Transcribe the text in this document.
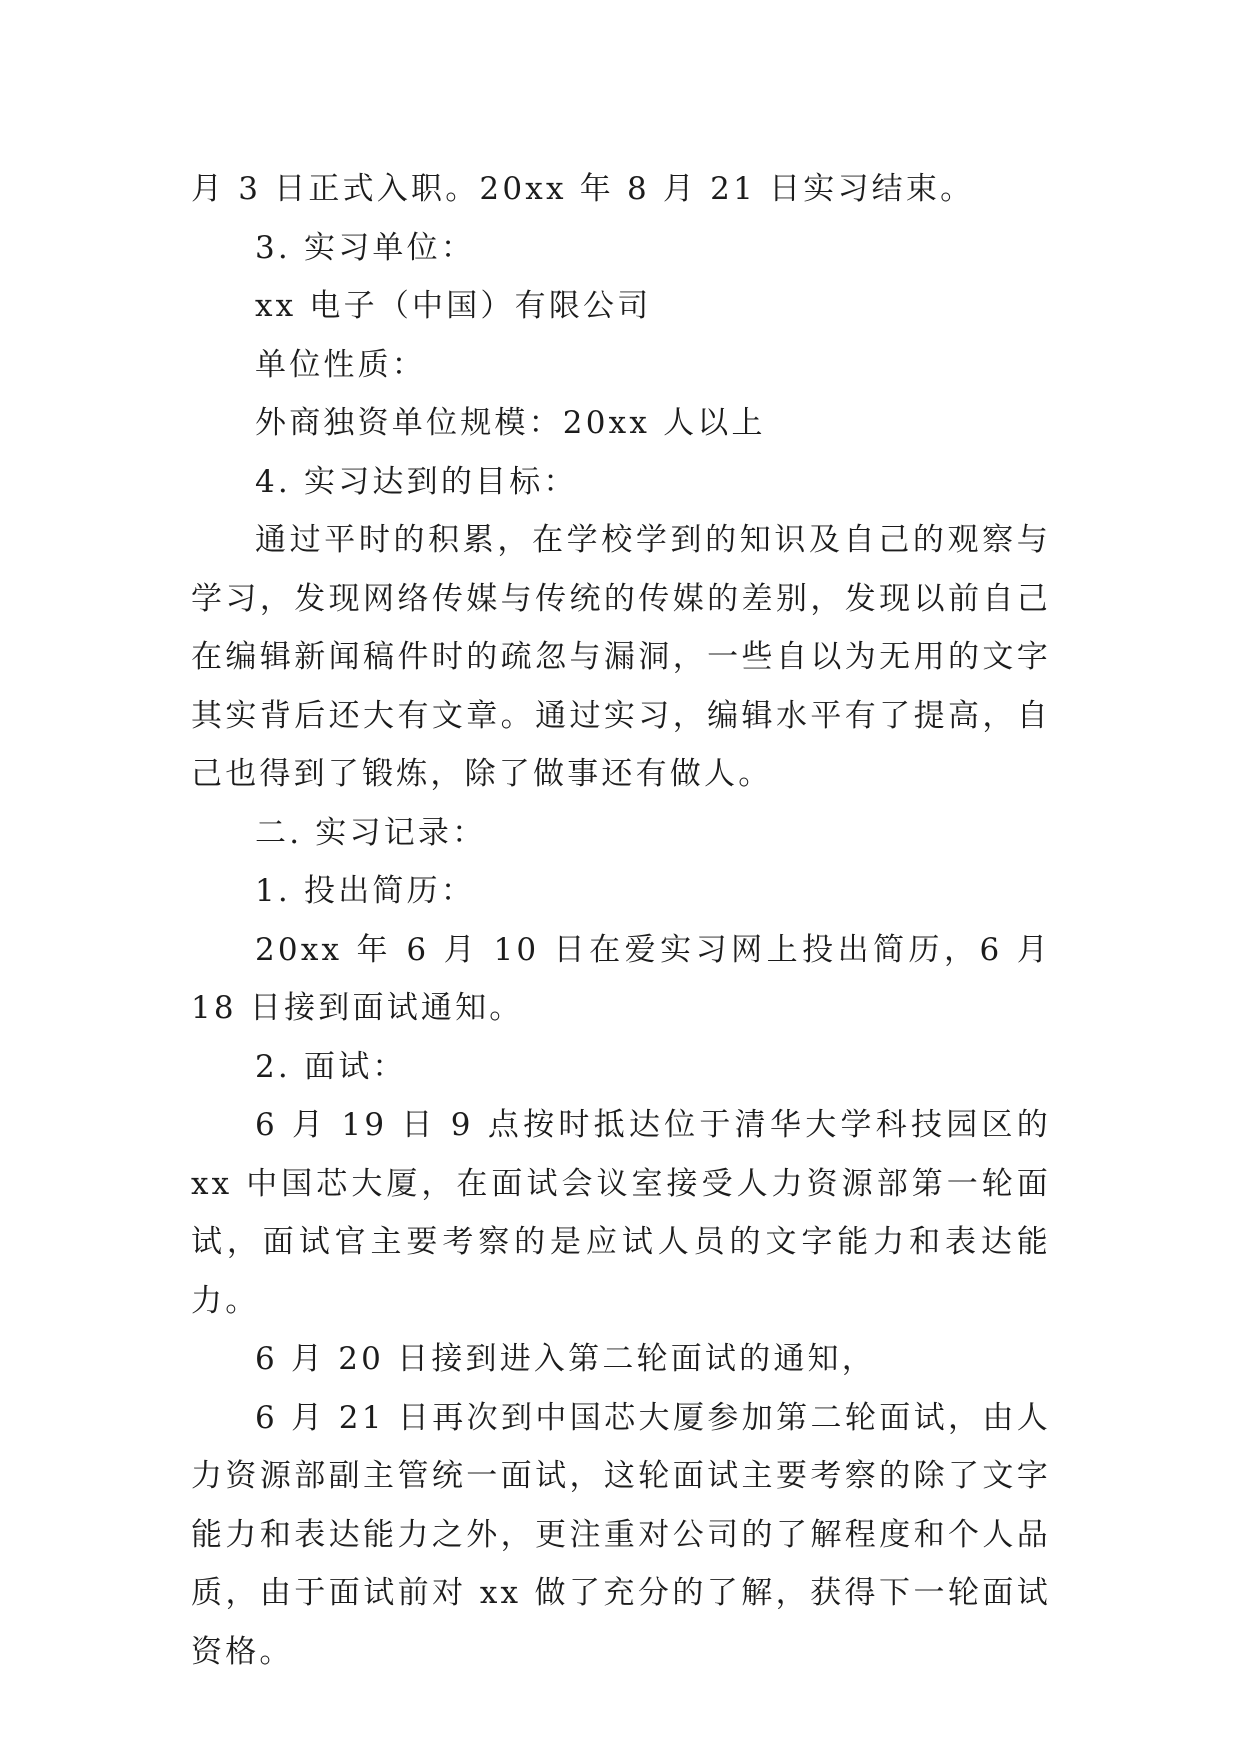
月 3 日正式入职。20xx 年 8 月 21 日实习结束。

3. 实习单位：

xx 电子（中国）有限公司

单位性质：

外商独资单位规模：20xx 人以上

4. 实习达到的目标：

通过平时的积累，在学校学到的知识及自己的观察与学习，发现网络传媒与传统的传媒的差别，发现以前自己在编辑新闻稿件时的疏忽与漏洞，一些自以为无用的文字其实背后还大有文章。通过实习，编辑水平有了提高，自己也得到了锻炼，除了做事还有做人。

二. 实习记录：

1. 投出简历：

20xx 年 6 月 10 日在爱实习网上投出简历，6 月 18 日接到面试通知。

2. 面试：

6 月 19 日 9 点按时抵达位于清华大学科技园区的 xx 中国芯大厦，在面试会议室接受人力资源部第一轮面试，面试官主要考察的是应试人员的文字能力和表达能力。

6 月 20 日接到进入第二轮面试的通知，

6 月 21 日再次到中国芯大厦参加第二轮面试，由人力资源部副主管统一面试，这轮面试主要考察的除了文字能力和表达能力之外，更注重对公司的了解程度和个人品质，由于面试前对 xx 做了充分的了解，获得下一轮面试资格。
